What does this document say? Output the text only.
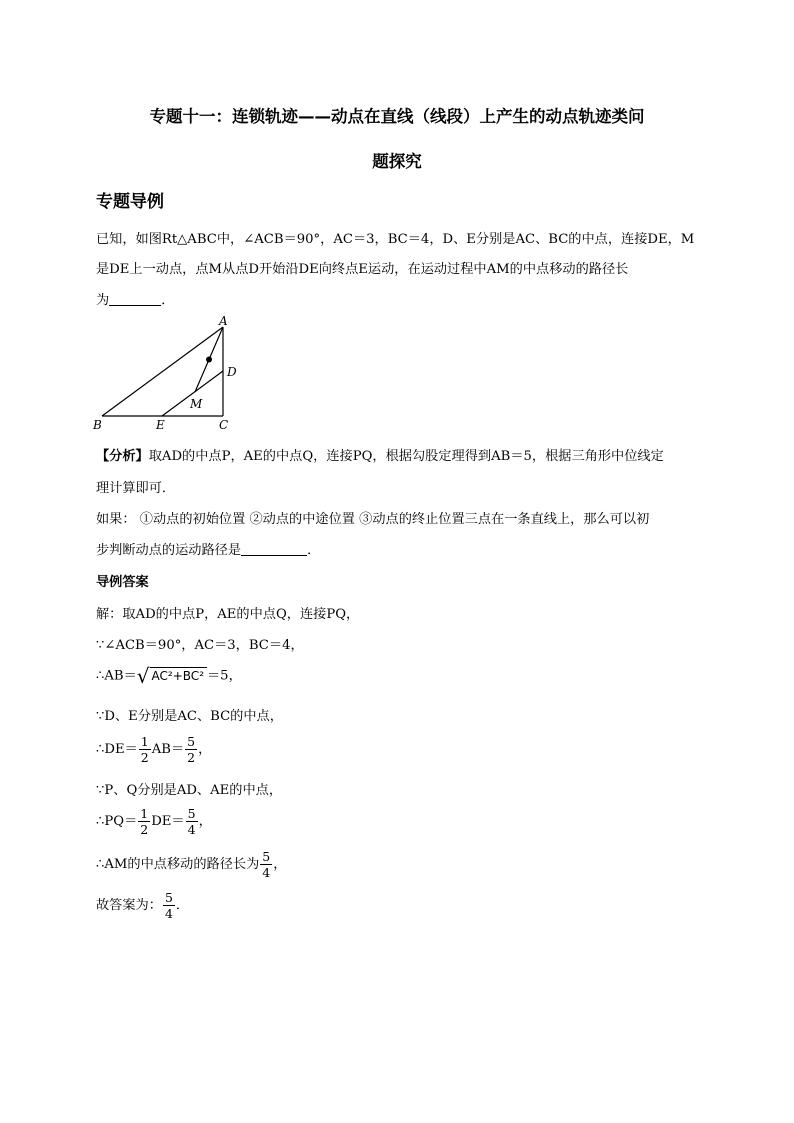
专题十一：连锁轨迹——动点在直线（线段）上产生的动点轨迹类问
题探究
专题导例
已知，如图Rt△ABC中，∠ACB＝90°，AC＝3，BC＝4，D、E分别是AC、BC的中点，连接DE，M
是DE上一动点，点M从点D开始沿DE向终点E运动，在运动过程中AM的中点移动的路径长
为	．
A
B	C
D
E
M
【分析】取AD的中点P，AE的中点Q，连接PQ，根据勾股定理得到AB＝5，根据三角形中位线定
理计算即可．
如果： ①动点的初始位置 ②动点的中途位置 ③动点的终止位置三点在一条直线上，那么可以初
步判断动点的运动路径是	．
导例答案
解：取AD的中点P，AE的中点Q，连接PQ，
∵∠ACB＝90°，AC＝3，BC＝4，
∴AB＝√ AC²+BC² ＝5，
∵D、E分别是AC、BC的中点，
∴DE＝ $\frac{1}{2} AB= \frac{5}{2}$ ，
∵P、Q分别是AD、AE的中点，
∴PQ＝ $\frac{1}{2} DE= \frac{5}{4}$ ，
∴AM的中点移动的路径长为 $\frac{5}{4}$ ，
故答案为： $\frac{5}{4}$ ．
